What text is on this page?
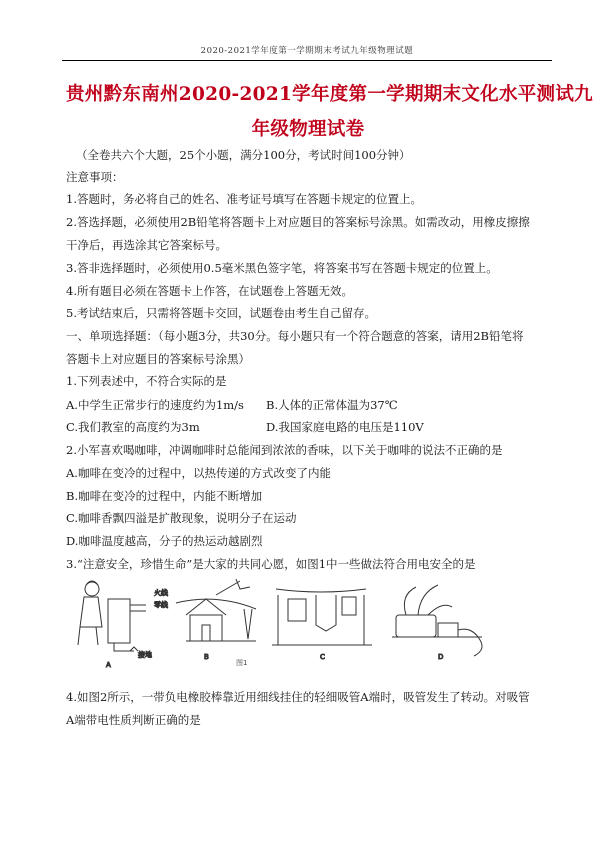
2020-2021学年度第一学期期末考试九年级物理试题
贵州黔东南州2020-2021学年度第一学期期末文化水平测试九
年级物理试卷
（全卷共六个大题，25个小题，满分100分，考试时间100分钟）
注意事项：
1.答题时，务必将自己的姓名、准考证号填写在答题卡规定的位置上。
2.答选择题，必须使用2B铅笔将答题卡上对应题目的答案标号涂黑。如需改动，用橡皮擦擦
干净后，再选涂其它答案标号。
3.答非选择题时，必须使用0.5毫米黑色签字笔，将答案书写在答题卡规定的位置上。
4.所有题目必须在答题卡上作答，在试题卷上答题无效。
5.考试结束后，只需将答题卡交回，试题卷由考生自己留存。
一、单项选择题：（每小题3分，共30分。每小题只有一个符合题意的答案，请用2B铅笔将
答题卡上对应题目的答案标号涂黑）
1.下列表述中，不符合实际的是
A.中学生正常步行的速度约为1m/s B.人体的正常体温为37℃
C.我们教室的高度约为3m	D.我国家庭电路的电压是110V
2.小军喜欢喝咖啡，冲调咖啡时总能闻到浓浓的香味，以下关于咖啡的说法不正确的是
A.咖啡在变冷的过程中，以热传递的方式改变了内能
B.咖啡在变冷的过程中，内能不断增加
C.咖啡香飘四溢是扩散现象，说明分子在运动
D.咖啡温度越高，分子的热运动越剧烈
3.“注意安全，珍惜生命”是大家的共同心愿，如图1中一些做法符合用电安全的是
火 线
零 线
接地
A
B	C	D
图1
4.如图2所示，一带负电橡胶棒靠近用细线挂住的轻细吸管A端时，吸管发生了转动。对吸管
A端带电性质判断正确的是
